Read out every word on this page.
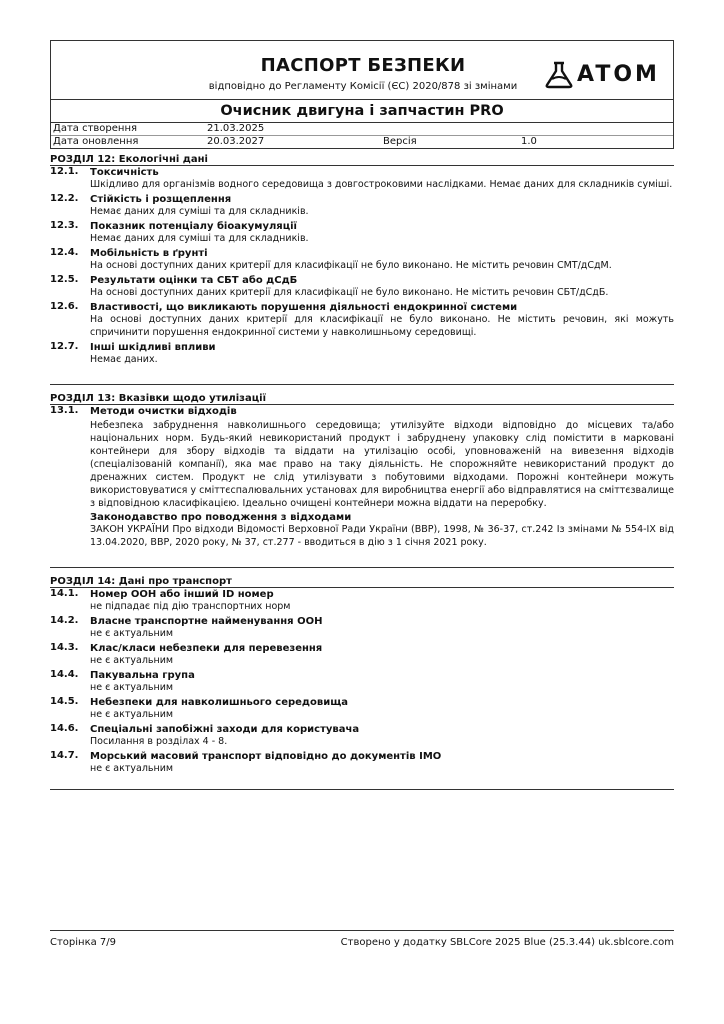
ПАСПОРТ БЕЗПЕКИ
відповідно до Регламенту Комісії (ЄС) 2020/878 зі змінами	ATOM
Очисник двигуна і запчастин PRO
Дата створення	21.03.2025
Дата оновлення	20.03.2027	Версія	1.0
РОЗДІЛ 12: Екологічні дані
12.1. Токсичність
Шкідливо для організмів водного середовища з довгостроковими наслідками. Немає даних для складників суміші.
12.2. Стійкість і розщеплення
Немає даних для суміші та для складників.
12.3. Показник потенціалу біоакумуляції
Немає даних для суміші та для складників.
12.4. Мобільність в ґрунті
На основі доступних даних критерії для класифікації не було виконано. Не містить речовин СМТ/дСдМ.
12.5. Результати оцінки та СБТ або дСдБ
На основі доступних даних критерії для класифікації не було виконано. Не містить речовин СБТ/дСдБ.
12.6. Властивості, що викликають порушення діяльності ендокринної системи
На основі доступних даних критерії для класифікації не було виконано. Не містить речовин, які можуть спричинити порушення ендокринної системи у навколишньому середовищі.
12.7. Інші шкідливі впливи
Немає даних.
РОЗДІЛ 13: Вказівки щодо утилізації
13.1. Методи очистки відходів
Небезпека забруднення навколишнього середовища; утилізуйте відходи відповідно до місцевих та/або національних норм. Будь-який невикористаний продукт і забруднену упаковку слід помістити в марковані контейнери для збору відходів та віддати на утилізацію особі, уповноваженій на вивезення відходів (спеціалізованій компанії), яка має право на таку діяльність. Не спорожняйте невикористаний продукт до дренажних систем. Продукт не слід утилізувати з побутовими відходами. Порожні контейнери можуть використовуватися у сміттєспалювальних установах для виробництва енергії або відправлятися на сміттєзвалище з відповідною класифікацією. Ідеально очищені контейнери можна віддати на переробку.
Законодавство про поводження з відходами
ЗАКОН УКРАЇНИ Про відходи Відомості Верховної Ради України (ВВР), 1998, № 36-37, ст.242 Із змінами № 554-IX від 13.04.2020, ВВР, 2020 року, № 37, ст.277 - вводиться в дію з 1 січня 2021 року.
РОЗДІЛ 14: Дані про транспорт
14.1. Номер ООН або інший ID номер
не підпадає під дію транспортних норм
14.2. Власне транспортне найменування ООН
не є актуальним
14.3. Клас/класи небезпеки для перевезення
не є актуальним
14.4. Пакувальна група
не є актуальним
14.5. Небезпеки для навколишнього середовища
не є актуальним
14.6. Спеціальні запобіжні заходи для користувача
Посилання в розділах 4 - 8.
14.7. Морський масовий транспорт відповідно до документів IMO
не є актуальним
Сторінка 7/9	Створено у додатку SBLCore 2025 Blue (25.3.44) uk.sblcore.com
